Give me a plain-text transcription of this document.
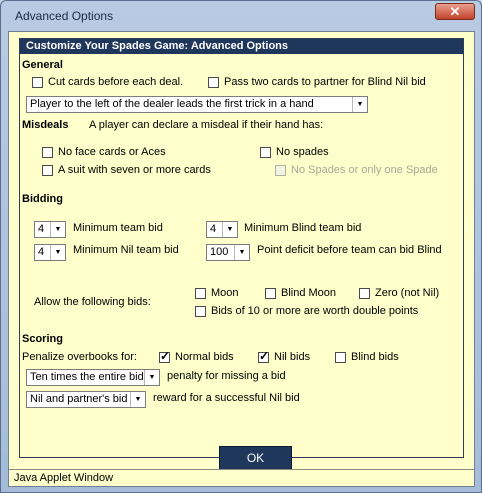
Advanced Options	✕
Customize Your Spades Game: Advanced Options
General
Cut cards before each deal.	Pass two cards to partner for Blind Nil bid
Player to the left of the dealer leads the first trick in a hand	▼
Misdeals A player can declare a misdeal if their hand has:
No face cards or Aces	No spades
A suit with seven or more cards	No Spades or only one Spade
Bidding
4	▼	Minimum team bid	4	▼ Minimum Blind team bid
4	▼	Minimum Nil team bid	100	▼	Point deficit before team can bid Blind
Allow the following bids:
Moon	Blind Moon	Zero (not Nil)
Bids of 10 or more are worth double points
Scoring
Penalize overbooks for: ✓ Normal bids ✓ Nil bids	Blind bids
Ten times the entire bid ▼	penalty for missing a bid
Nil and partner's bid	▼	reward for a successful Nil bid
OK
Java Applet Window
